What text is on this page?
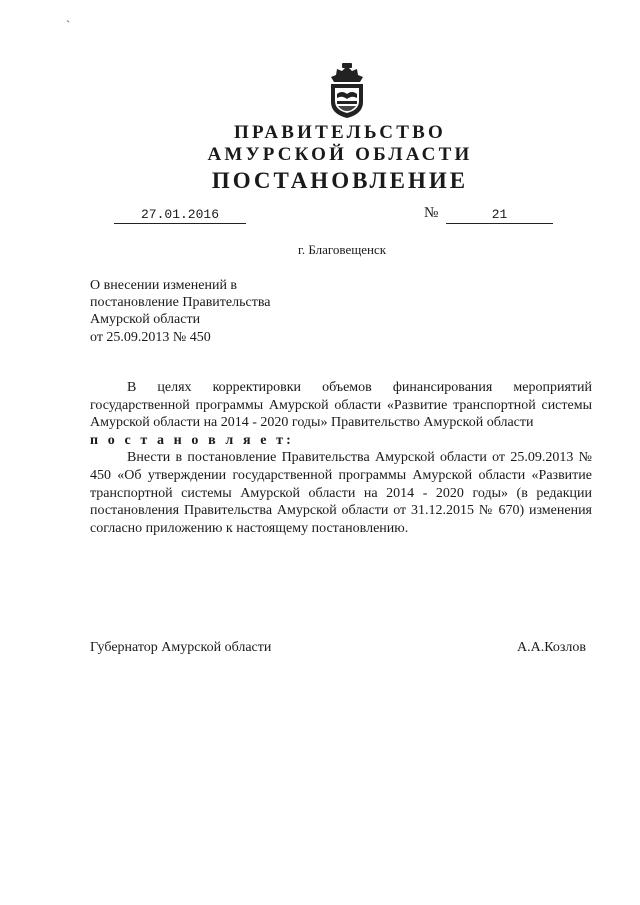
ˎ
ПРАВИТЕЛЬСТВО
АМУРСКОЙ ОБЛАСТИ
ПОСТАНОВЛЕНИЕ
27.01.2016	№	21
г. Благовещенск
О внесении изменений в
постановление Правительства
Амурской области
от 25.09.2013 № 450

В целях корректировки объемов финансирования мероприятий государственной программы Амурской области «Развитие транспортной системы Амурской области на 2014 - 2020 годы» Правительство Амурской области

п о с т а н о в л я е т:

Внести в постановление Правительства Амурской области от 25.09.2013 № 450 «Об утверждении государственной программы Амурской области «Развитие транспортной системы Амурской области на 2014 - 2020 годы» (в редакции постановления Правительства Амурской области от 31.12.2015 № 670) изменения согласно приложению к настоящему постановлению.

Губернатор Амурской области	А.А.Козлов
